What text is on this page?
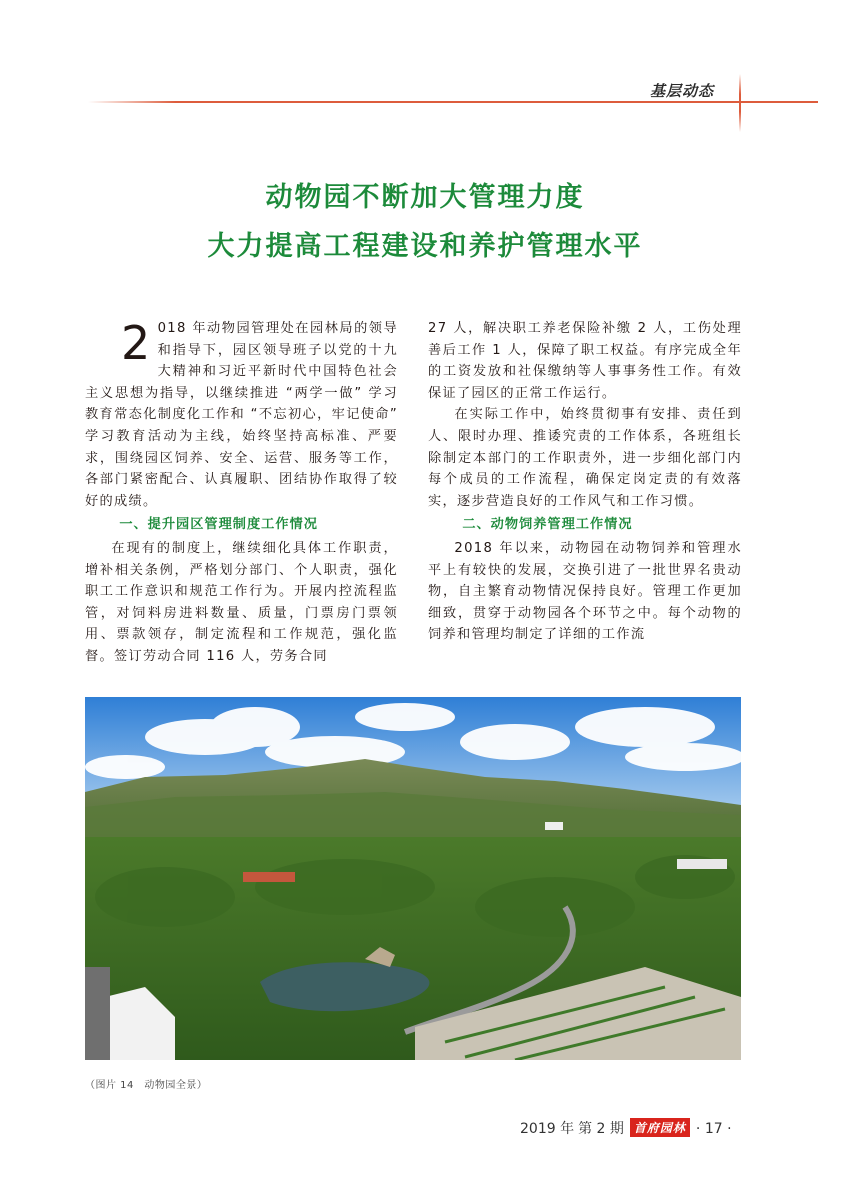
基层动态
动物园不断加大管理力度
大力提高工程建设和养护管理水平

2 018 年动物园管理处在园林局的领导和指导下，园区领导班子以党的十九大精神和习近平新时代中国特色社会主义思想为指导，以继续推进 “两学一做” 学习教育常态化制度化工作和 “不忘初心，牢记使命” 学习教育活动为主线，始终坚持高标准、严要求，围绕园区饲养、安全、运营、服务等工作，各部门紧密配合、认真履职、团结协作取得了较好的成绩。

一、提升园区管理制度工作情况

在现有的制度上，继续细化具体工作职责，增补相关条例，严格划分部门、个人职责，强化职工工作意识和规范工作行为。开展内控流程监管，对饲料房进料数量、质量，门票房门票领用、票款领存，制定流程和工作规范，强化监督。签订劳动合同 116 人，劳务合同

27 人，解决职工养老保险补缴 2 人，工伤处理善后工作 1 人，保障了职工权益。有序完成全年的工资发放和社保缴纳等人事事务性工作。有效保证了园区的正常工作运行。

在实际工作中，始终贯彻事有安排、责任到人、限时办理、推诿究责的工作体系，各班组长除制定本部门的工作职责外，进一步细化部门内每个成员的工作流程，确保定岗定责的有效落实，逐步营造良好的工作风气和工作习惯。

二、动物饲养管理工作情况

2018 年以来，动物园在动物饲养和管理水平上有较快的发展，交换引进了一批世界名贵动物，自主繁育动物情况保持良好。管理工作更加细致，贯穿于动物园各个环节之中。每个动物的饲养和管理均制定了详细的工作流

（图片 14　动物园全景）
2019 年 第 2 期 首府园林 · 17 ·
